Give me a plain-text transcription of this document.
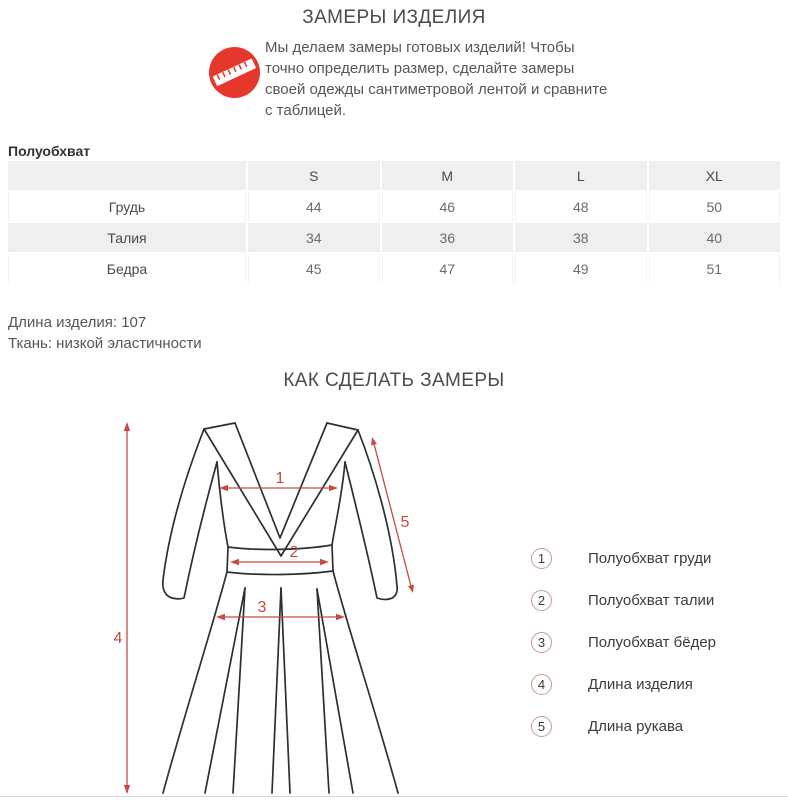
ЗАМЕРЫ ИЗДЕЛИЯ
Мы делаем замеры готовых изделий! Чтобы точно определить размер, сделайте замеры своей одежды сантиметровой лентой и сравните с таблицей.
Полуобхват
	S	M	L	XL
Грудь	44	46	48	50
Талия	34	36	38	40
Бедра	45	47	49	51
Длина изделия: 107
Ткань: низкой эластичности
КАК СДЕЛАТЬ ЗАМЕРЫ
1
2
3
4
5
1	Полуобхват груди
2	Полуобхват талии
3	Полуобхват бёдер
4	Длина изделия
5	Длина рукава
